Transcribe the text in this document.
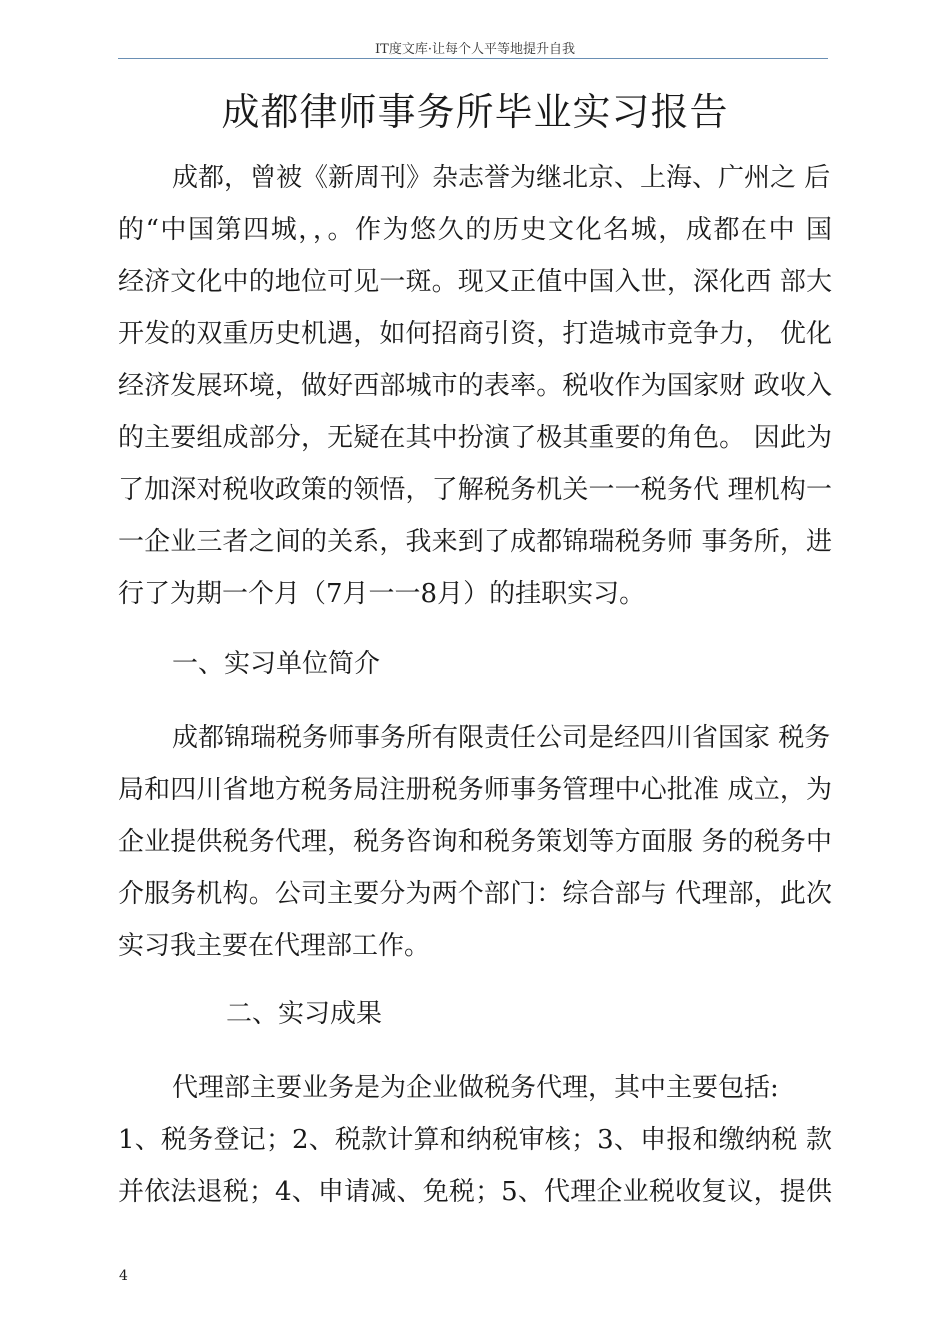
IT度文库·让每个人平等地提升自我
成都律师事务所毕业实习报告
成都，曾被《新周刊》杂志誉为继北京、上海、广州之 后
的“中国第四城，，。作为悠久的历史文化名城，成都在中 国
经济文化中的地位可见一斑。现又正值中国入世，深化西 部大
开发的双重历史机遇，如何招商引资，打造城市竞争力， 优化
经济发展环境，做好西部城市的表率。税收作为国家财 政收入
的主要组成部分，无疑在其中扮演了极其重要的角色。 因此为
了加深对税收政策的领悟，了解税务机关一一税务代 理机构一
一企业三者之间的关系，我来到了成都锦瑞税务师 事务所，进
行了为期一个月（7月一一8月）的挂职实习。
一、实习单位简介
成都锦瑞税务师事务所有限责任公司是经四川省国家 税务
局和四川省地方税务局注册税务师事务管理中心批准 成立，为
企业提供税务代理，税务咨询和税务策划等方面服 务的税务中
介服务机构。公司主要分为两个部门：综合部与 代理部，此次
实习我主要在代理部工作。
二、实习成果
代理部主要业务是为企业做税务代理，其中主要包括:
1、税务登记；2、税款计算和纳税审核；3、申报和缴纳税 款
并依法退税；4、申请减、免税；5、代理企业税收复议，提供
4
